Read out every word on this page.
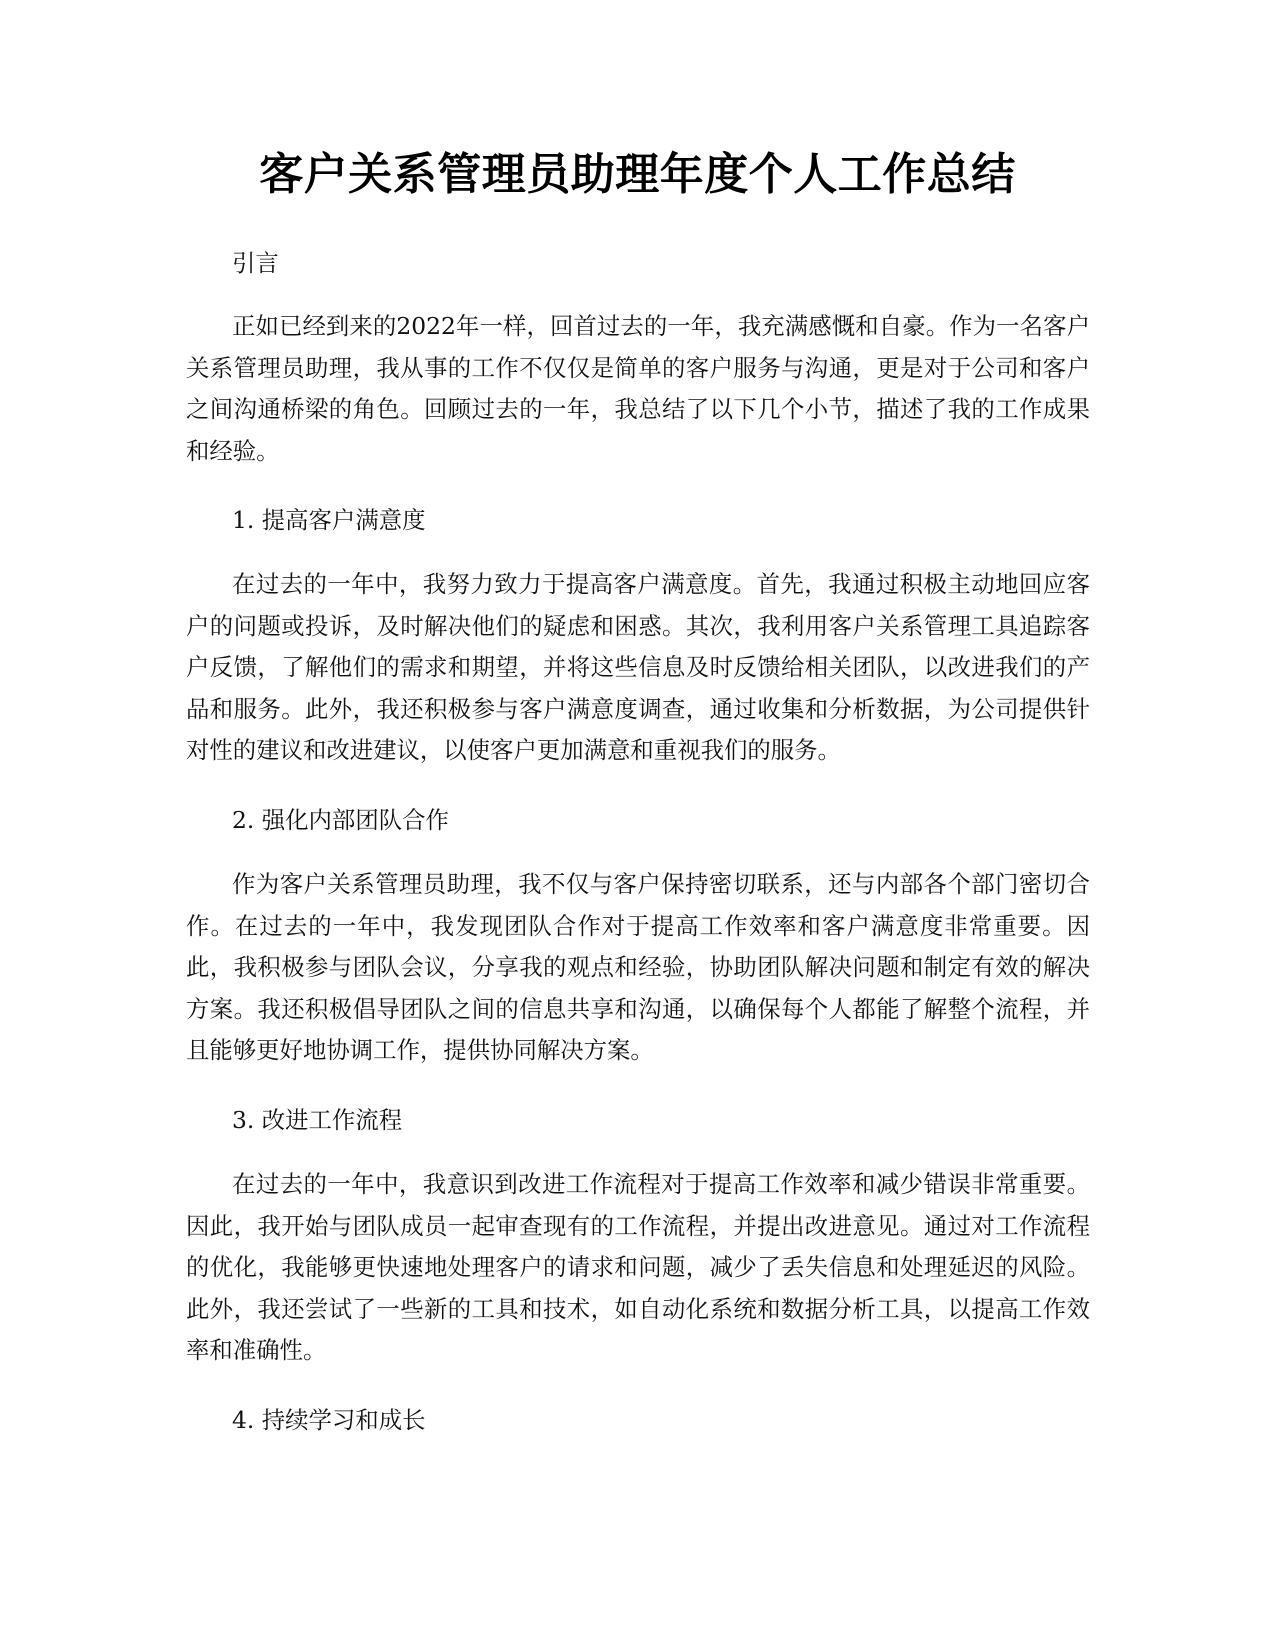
客户关系管理员助理年度个人工作总结

引言

正如已经到来的2022年一样，回首过去的一年，我充满感慨和自豪。作为一名客户关系管理员助理，我从事的工作不仅仅是简单的客户服务与沟通，更是对于公司和客户之间沟通桥梁的角色。回顾过去的一年，我总结了以下几个小节，描述了我的工作成果和经验。

1. 提高客户满意度

在过去的一年中，我努力致力于提高客户满意度。首先，我通过积极主动地回应客户的问题或投诉，及时解决他们的疑虑和困惑。其次，我利用客户关系管理工具追踪客户反馈，了解他们的需求和期望，并将这些信息及时反馈给相关团队，以改进我们的产品和服务。此外，我还积极参与客户满意度调查，通过收集和分析数据，为公司提供针对性的建议和改进建议，以使客户更加满意和重视我们的服务。

2. 强化内部团队合作

作为客户关系管理员助理，我不仅与客户保持密切联系，还与内部各个部门密切合作。在过去的一年中，我发现团队合作对于提高工作效率和客户满意度非常重要。因此，我积极参与团队会议，分享我的观点和经验，协助团队解决问题和制定有效的解决方案。我还积极倡导团队之间的信息共享和沟通，以确保每个人都能了解整个流程，并且能够更好地协调工作，提供协同解决方案。

3. 改进工作流程

在过去的一年中，我意识到改进工作流程对于提高工作效率和减少错误非常重要。因此，我开始与团队成员一起审查现有的工作流程，并提出改进意见。通过对工作流程的优化，我能够更快速地处理客户的请求和问题，减少了丢失信息和处理延迟的风险。此外，我还尝试了一些新的工具和技术，如自动化系统和数据分析工具，以提高工作效率和准确性。

4. 持续学习和成长
